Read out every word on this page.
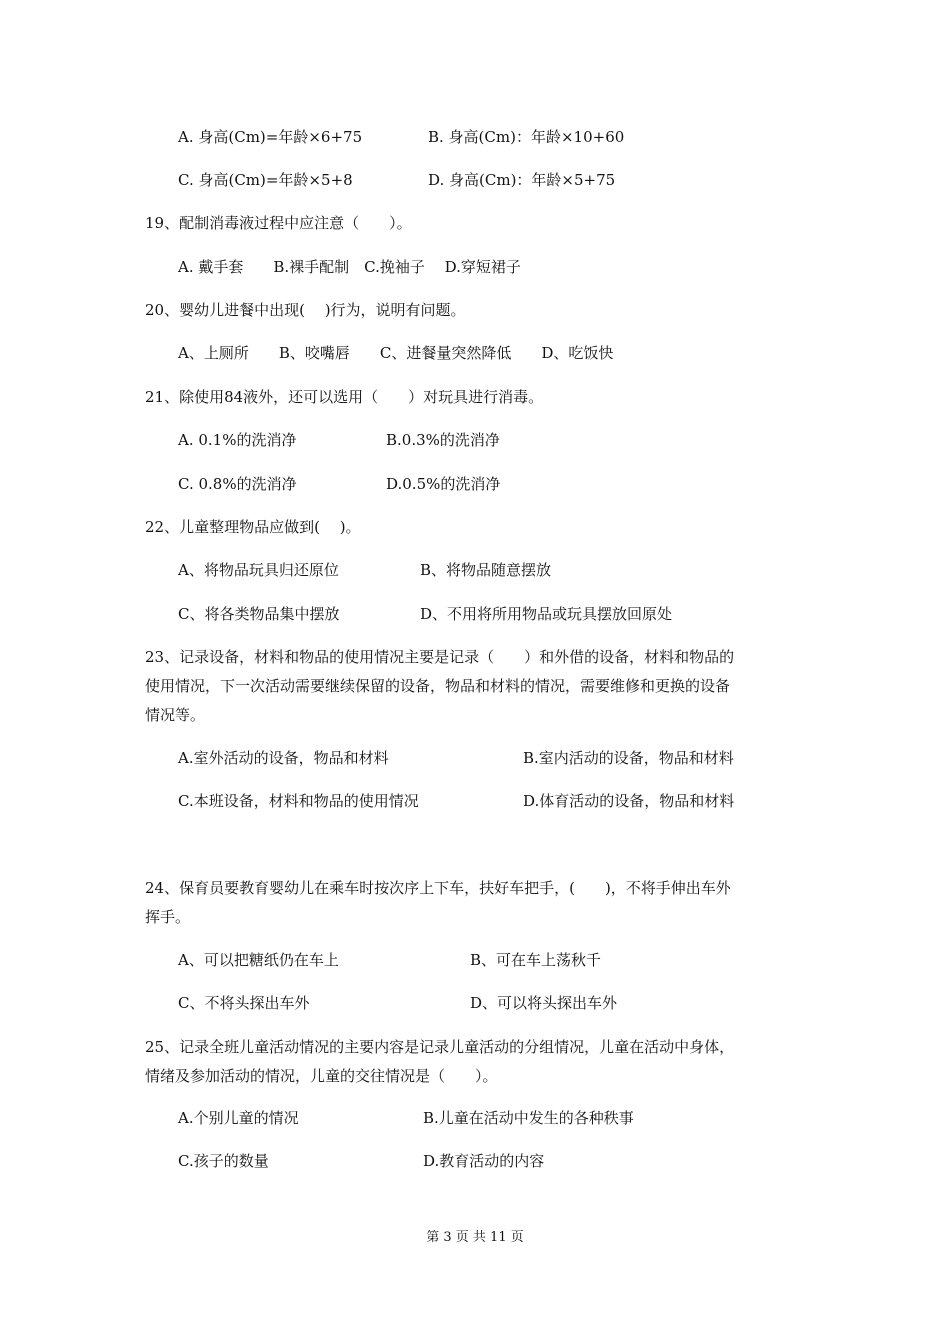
A. 身高(Cm)=年龄×6+75	B. 身高(Cm)：年龄×10+60
C. 身高(Cm)=年龄×5+8	D. 身高(Cm)：年龄×5+75
19、配制消毒液过程中应注意（　　）。
A. 戴手套　　B.裸手配制　C.挽袖子　 D.穿短裙子
20、婴幼儿进餐中出现(　 )行为，说明有问题。
A、上厕所　　B、咬嘴唇　　C、进餐量突然降低　　D、吃饭快
21、除使用84液外，还可以选用（　　）对玩具进行消毒。
A. 0.1%的洗消净	B.0.3%的洗消净
C. 0.8%的洗消净	D.0.5%的洗消净
22、儿童整理物品应做到(　 )。
A、将物品玩具归还原位	B、将物品随意摆放
C、将各类物品集中摆放	D、不用将所用物品或玩具摆放回原处
23、记录设备，材料和物品的使用情况主要是记录（　　）和外借的设备，材料和物品的
使用情况，下一次活动需要继续保留的设备，物品和材料的情况，需要维修和更换的设备
情况等。
A.室外活动的设备，物品和材料	B.室内活动的设备，物品和材料
C.本班设备，材料和物品的使用情况	D.体育活动的设备，物品和材料
24、保育员要教育婴幼儿在乘车时按次序上下车，扶好车把手，(　　)，不将手伸出车外
挥手。
A、可以把糖纸仍在车上	B、可在车上荡秋千
C、不将头探出车外	D、可以将头探出车外
25、记录全班儿童活动情况的主要内容是记录儿童活动的分组情况，儿童在活动中身体，
情绪及参加活动的情况，儿童的交往情况是（　　）。
A.个别儿童的情况	B.儿童在活动中发生的各种秩事
C.孩子的数量	D.教育活动的内容
第 3 页 共 11 页
